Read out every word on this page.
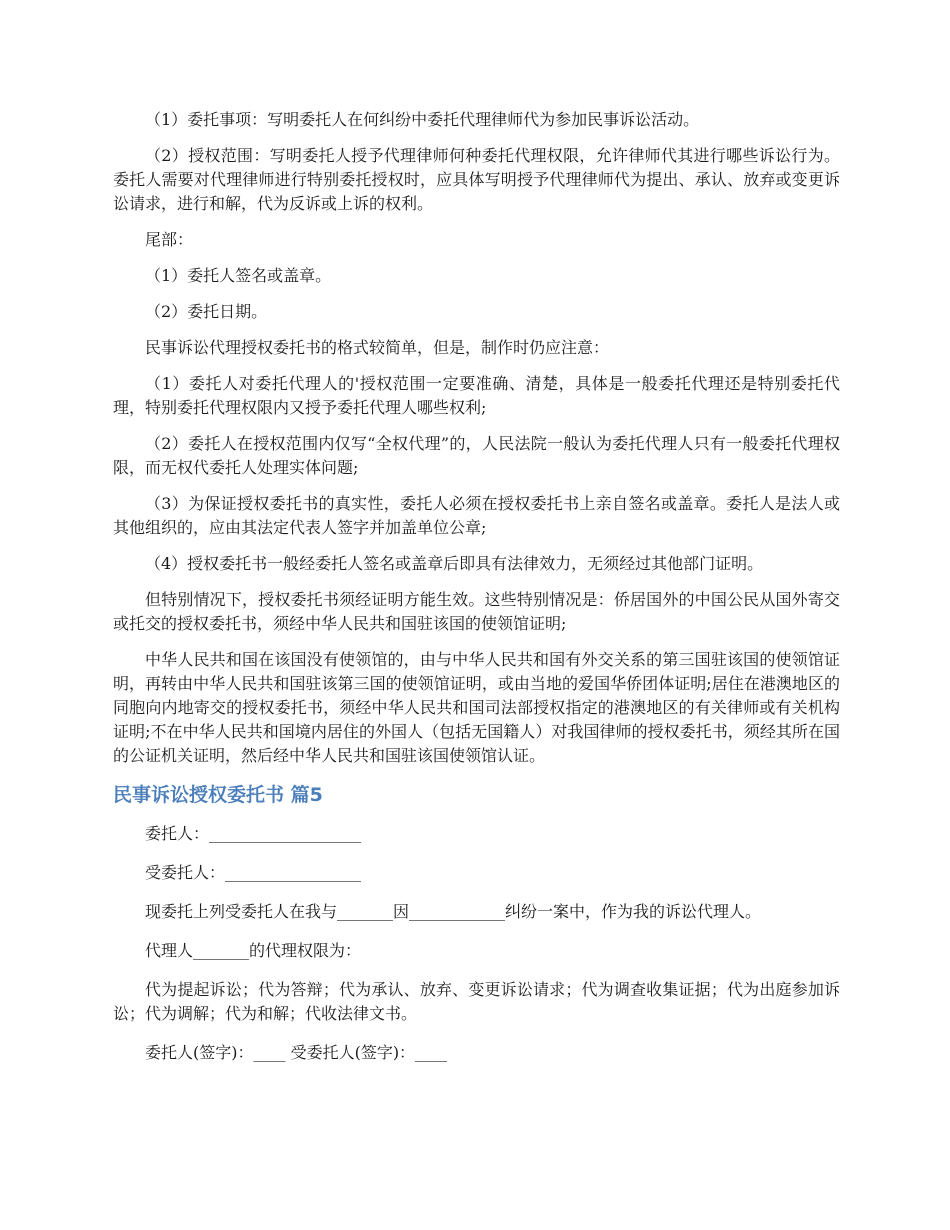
（1）委托事项：写明委托人在何纠纷中委托代理律师代为参加民事诉讼活动。

（2）授权范围：写明委托人授予代理律师何种委托代理权限，允许律师代其进行哪些诉讼行为。委托人需要对代理律师进行特别委托授权时，应具体写明授予代理律师代为提出、承认、放弃或变更诉讼请求，进行和解，代为反诉或上诉的权利。

尾部：

（1）委托人签名或盖章。

（2）委托日期。

民事诉讼代理授权委托书的格式较简单，但是，制作时仍应注意：

（1）委托人对委托代理人的'授权范围一定要准确、清楚，具体是一般委托代理还是特别委托代理，特别委托代理权限内又授予委托代理人哪些权利;

（2）委托人在授权范围内仅写“全权代理”的，人民法院一般认为委托代理人只有一般委托代理权限，而无权代委托人处理实体问题;

（3）为保证授权委托书的真实性，委托人必须在授权委托书上亲自签名或盖章。委托人是法人或其他组织的，应由其法定代表人签字并加盖单位公章;

（4）授权委托书一般经委托人签名或盖章后即具有法律效力，无须经过其他部门证明。

但特别情况下，授权委托书须经证明方能生效。这些特别情况是：侨居国外的中国公民从国外寄交或托交的授权委托书，须经中华人民共和国驻该国的使领馆证明;

中华人民共和国在该国没有使领馆的，由与中华人民共和国有外交关系的第三国驻该国的使领馆证明，再转由中华人民共和国驻该第三国的使领馆证明，或由当地的爱国华侨团体证明;居住在港澳地区的同胞向内地寄交的授权委托书，须经中华人民共和国司法部授权指定的港澳地区的有关律师或有关机构证明;不在中华人民共和国境内居住的外国人（包括无国籍人）对我国律师的授权委托书，须经其所在国的公证机关证明，然后经中华人民共和国驻该国使领馆认证。

民事诉讼授权委托书 篇5

委托人：___________________

受委托人：_________________

现委托上列受委托人在我与_______因____________纠纷一案中，作为我的诉讼代理人。

代理人_______的代理权限为：

代为提起诉讼；代为答辩；代为承认、放弃、变更诉讼请求；代为调查收集证据；代为出庭参加诉讼；代为调解；代为和解；代收法律文书。

委托人(签字)：____ 受委托人(签字)：____
